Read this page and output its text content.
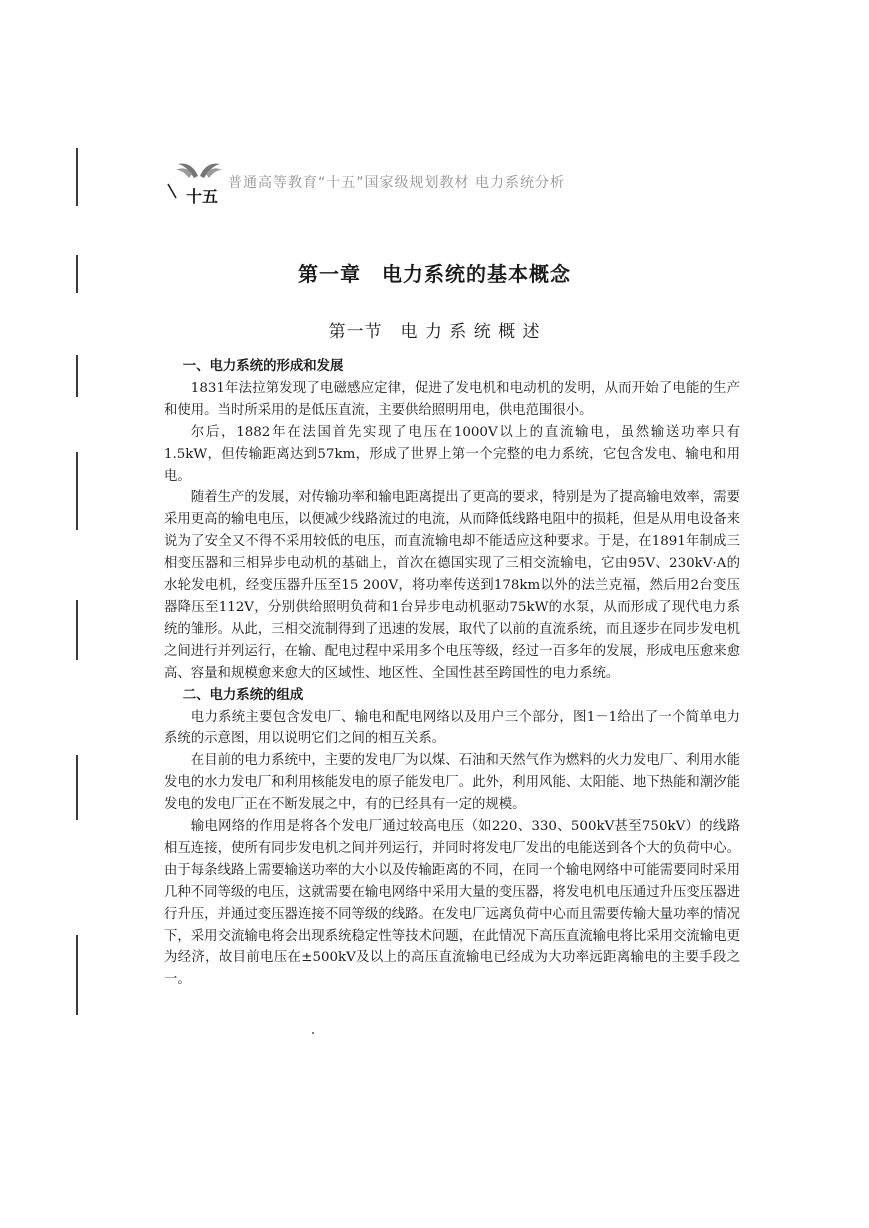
十五
普通高等教育“十五”国家级规划教材 电力系统分析
第一章　电力系统的基本概念
第一节　电 力 系 统 概 述
一、电力系统的形成和发展

1831年法拉第发现了电磁感应定律，促进了发电机和电动机的发明，从而开始了电能的生产和使用。当时所采用的是低压直流，主要供给照明用电，供电范围很小。

尔后，1882年在法国首先实现了电压在1000V以上的直流输电，虽然输送功率只有1.5kW，但传输距离达到57km，形成了世界上第一个完整的电力系统，它包含发电、输电和用电。

随着生产的发展，对传输功率和输电距离提出了更高的要求，特别是为了提高输电效率，需要采用更高的输电电压，以便减少线路流过的电流，从而降低线路电阻中的损耗，但是从用电设备来说为了安全又不得不采用较低的电压，而直流输电却不能适应这种要求。于是，在1891年制成三相变压器和三相异步电动机的基础上，首次在德国实现了三相交流输电，它由95V、230kV·A的水轮发电机，经变压器升压至15 200V，将功率传送到178km以外的法兰克福，然后用2台变压器降压至112V，分别供给照明负荷和1台异步电动机驱动75kW的水泵，从而形成了现代电力系统的雏形。从此，三相交流制得到了迅速的发展，取代了以前的直流系统，而且逐步在同步发电机之间进行并列运行，在输、配电过程中采用多个电压等级，经过一百多年的发展，形成电压愈来愈高、容量和规模愈来愈大的区域性、地区性、全国性甚至跨国性的电力系统。

二、电力系统的组成

电力系统主要包含发电厂、输电和配电网络以及用户三个部分，图1－1给出了一个简单电力系统的示意图，用以说明它们之间的相互关系。

在目前的电力系统中，主要的发电厂为以煤、石油和天然气作为燃料的火力发电厂、利用水能发电的水力发电厂和利用核能发电的原子能发电厂。此外，利用风能、太阳能、地下热能和潮汐能发电的发电厂正在不断发展之中，有的已经具有一定的规模。

输电网络的作用是将各个发电厂通过较高电压（如220、330、500kV甚至750kV）的线路相互连接，使所有同步发电机之间并列运行，并同时将发电厂发出的电能送到各个大的负荷中心。由于每条线路上需要输送功率的大小以及传输距离的不同，在同一个输电网络中可能需要同时采用几种不同等级的电压，这就需要在输电网络中采用大量的变压器，将发电机电压通过升压变压器进行升压，并通过变压器连接不同等级的线路。在发电厂远离负荷中心而且需要传输大量功率的情况下，采用交流输电将会出现系统稳定性等技术问题，在此情况下高压直流输电将比采用交流输电更为经济，故目前电压在±500kV及以上的高压直流输电已经成为大功率远距离输电的主要手段之一。
